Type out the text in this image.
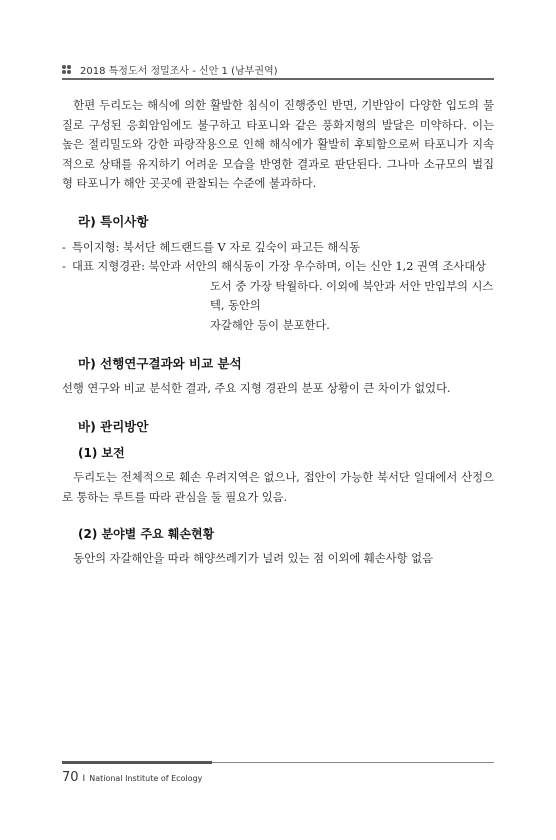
2018 특정도서 정밀조사 - 신안 1 (남부권역)

한편 두리도는 해식에 의한 활발한 침식이 진행중인 반면, 기반암이 다양한 입도의 물질로 구성된 응회암임에도 불구하고 타포니와 같은 풍화지형의 발달은 미약하다. 이는 높은 절리밀도와 강한 파랑작용으로 인해 해식에가 활발히 후퇴함으로써 타포니가 지속적으로 상태를 유지하기 어려운 모습을 반영한 결과로 판단된다. 그나마 소규모의 벌집형 타포니가 해안 곳곳에 관찰되는 수준에 불과하다.

라) 특이사항
- 특이지형: 북서단 헤드랜드를 V 자로 깊숙이 파고든 해식동
- 대표 지형경관: 북안과 서안의 해식동이 가장 우수하며, 이는 신안 1,2 권역 조사대상
도서 중 가장 탁월하다. 이외에 북안과 서안 만입부의 시스텍, 동안의
자갈해안 등이 분포한다.
마) 선행연구결과와 비교 분석

선행 연구와 비교 분석한 결과, 주요 지형 경관의 분포 상황이 큰 차이가 없었다.

바) 관리방안
(1) 보전

두리도는 전체적으로 훼손 우려지역은 없으나, 접안이 가능한 북서단 일대에서 산정으로 통하는 루트를 따라 관심을 둘 필요가 있음.

(2) 분야별 주요 훼손현황

동안의 자갈해안을 따라 해양쓰레기가 널려 있는 점 이외에 훼손사항 없음

70 I National Institute of Ecology
